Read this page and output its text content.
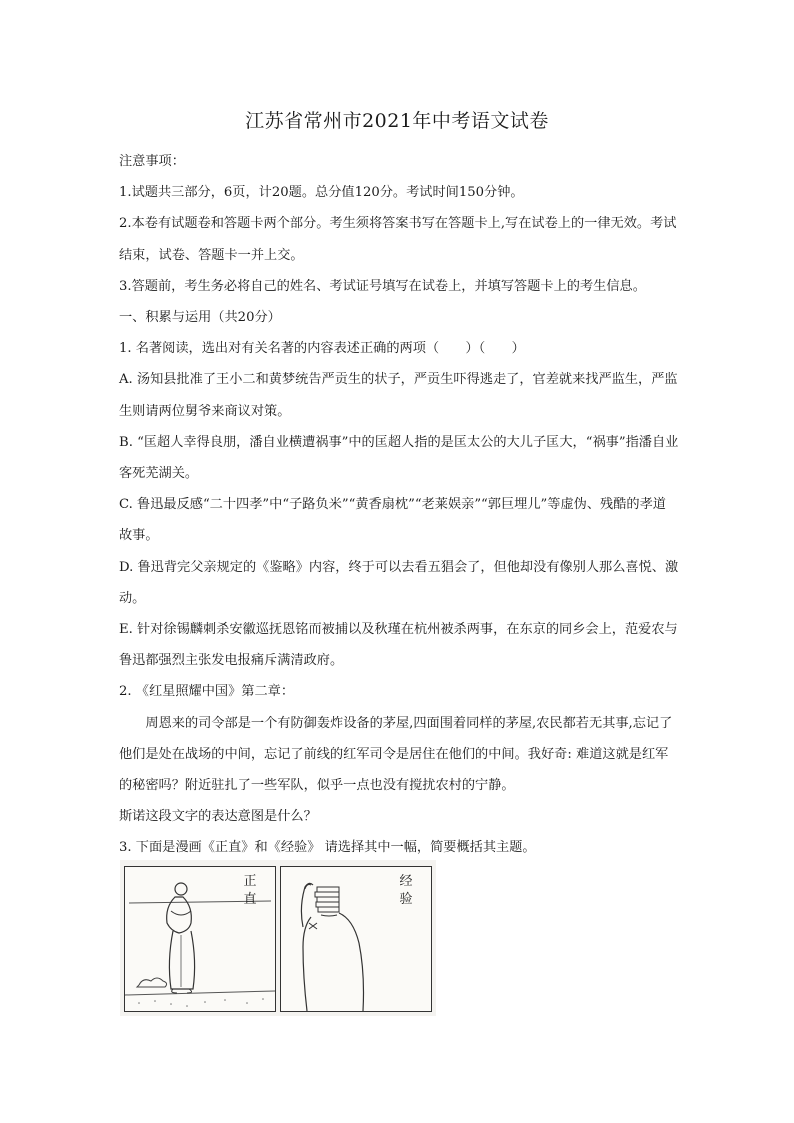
江苏省常州市2021年中考语文试卷

注意事项：

1.试题共三部分，6页，计20题。总分值120分。考试时间150分钟。

2.本卷有试题卷和答题卡两个部分。考生须将答案书写在答题卡上,写在试卷上的一律无效。考试结束，试卷、答题卡一并上交。

3.答题前，考生务必将自己的姓名、考试证号填写在试卷上，并填写答题卡上的考生信息。

一、积累与运用（共20分）

1. 名著阅读，选出对有关名著的内容表述正确的两项（　　）（　　）

A. 汤知县批准了王小二和黄梦统告严贡生的状子，严贡生吓得逃走了，官差就来找严监生，严监生则请两位舅爷来商议对策。

B. “匡超人幸得良朋，潘自业横遭祸事”中的匡超人指的是匡太公的大儿子匡大，“祸事”指潘自业客死芜湖关。

C. 鲁迅最反感“二十四孝”中“子路负米”“黄香扇枕”“老莱娱亲”“郭巨埋儿”等虚伪、残酷的孝道故事。

D. 鲁迅背完父亲规定的《鉴略》内容，终于可以去看五猖会了，但他却没有像别人那么喜悦、激动。

E. 针对徐锡麟刺杀安徽巡抚恩铭而被捕以及秋瑾在杭州被杀两事，在东京的同乡会上，范爱农与鲁迅都强烈主张发电报痛斥满清政府。

2. 《红星照耀中国》第二章：

周恩来的司令部是一个有防御轰炸设备的茅屋,四面围着同样的茅屋,农民都若无其事,忘记了他们是处在战场的中间，忘记了前线的红军司令是居住在他们的中间。我好奇: 难道这就是红军的秘密吗？附近驻扎了一些军队，似乎一点也没有搅扰农村的宁静。

斯诺这段文字的表达意图是什么？

3. 下面是漫画《正直》和《经验》 请选择其中一幅，简要概括其主题。

正直
经验
